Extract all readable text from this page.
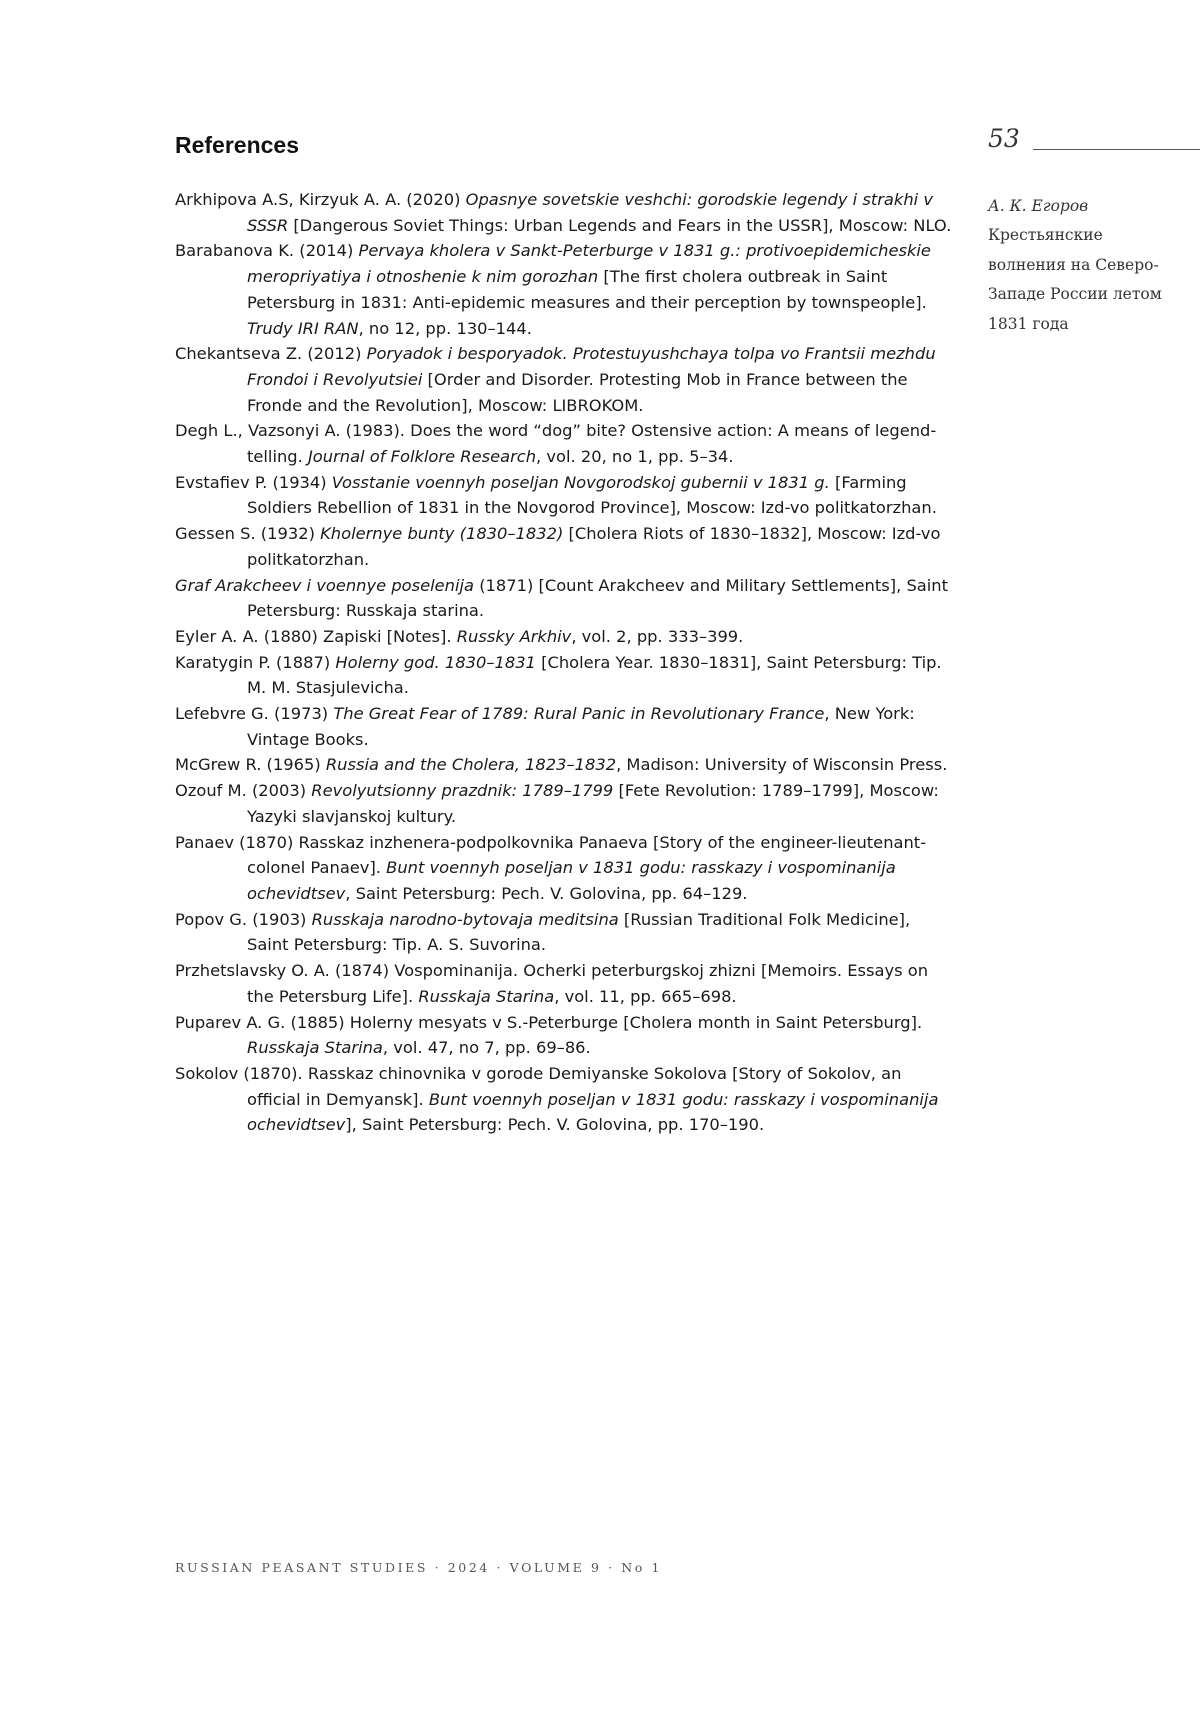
References	53
А. К. Егоров
Крестьянские волнения на Северо-Западе России летом 1831 года

Arkhipova A.S, Kirzyuk A. A. (2020) Opasnye sovetskie veshchi: gorodskie legendy i strakhi v SSSR [Dangerous Soviet Things: Urban Legends and Fears in the USSR], Moscow: NLO.

Barabanova K. (2014) Pervaya kholera v Sankt-Peterburge v 1831 g.: protivoepidemicheskie meropriyatiya i otnoshenie k nim gorozhan [The first cholera outbreak in Saint Petersburg in 1831: Anti-epidemic measures and their perception by townspeople]. Trudy IRI RAN, no 12, pp. 130–144.

Chekantseva Z. (2012) Poryadok i besporyadok. Protestuyushchaya tolpa vo Frantsii mezhdu Frondoi i Revolyutsiei [Order and Disorder. Protesting Mob in France between the Fronde and the Revolution], Moscow: LIBROKOM.

Degh L., Vazsonyi A. (1983). Does the word “dog” bite? Ostensive action: A means of legend-telling. Journal of Folklore Research, vol. 20, no 1, pp. 5–34.

Evstafiev P. (1934) Vosstanie voennyh poseljan Novgorodskoj gubernii v 1831 g. [Farming Soldiers Rebellion of 1831 in the Novgorod Province], Moscow: Izd-vo politkatorzhan.

Gessen S. (1932) Kholernye bunty (1830–1832) [Cholera Riots of 1830–1832], Moscow: Izd-vo politkatorzhan.

Graf Arakcheev i voennye poselenija (1871) [Count Arakcheev and Military Settlements], Saint Petersburg: Russkaja starina.

Eyler A. A. (1880) Zapiski [Notes]. Russky Arkhiv, vol. 2, pp. 333–399.

Karatygin P. (1887) Holerny god. 1830–1831 [Cholera Year. 1830–1831], Saint Petersburg: Tip. M. M. Stasjulevicha.

Lefebvre G. (1973) The Great Fear of 1789: Rural Panic in Revolutionary France, New York: Vintage Books.

McGrew R. (1965) Russia and the Cholera, 1823–1832, Madison: University of Wisconsin Press.

Ozouf M. (2003) Revolyutsionny prazdnik: 1789–1799 [Fete Revolution: 1789–1799], Moscow: Yazyki slavjanskoj kultury.

Panaev (1870) Rasskaz inzhenera-podpolkovnika Panaeva [Story of the engineer-lieutenant-colonel Panaev]. Bunt voennyh poseljan v 1831 godu: rasskazy i vospominanija ochevidtsev, Saint Petersburg: Pech. V. Golovina, pp. 64–129.

Popov G. (1903) Russkaja narodno-bytovaja meditsina [Russian Traditional Folk Medicine], Saint Petersburg: Tip. A. S. Suvorina.

Przhetslavsky O. A. (1874) Vospominanija. Ocherki peterburgskoj zhizni [Memoirs. Essays on the Petersburg Life]. Russkaja Starina, vol. 11, pp. 665–698.

Puparev A. G. (1885) Holerny mesyats v S.-Peterburge [Cholera month in Saint Petersburg]. Russkaja Starina, vol. 47, no 7, pp. 69–86.

Sokolov (1870). Rasskaz chinovnika v gorode Demiyanske Sokolova [Story of Sokolov, an official in Demyansk]. Bunt voennyh poseljan v 1831 godu: rasskazy i vospominanija ochevidtsev], Saint Petersburg: Pech. V. Golovina, pp. 170–190.

RUSSIAN PEASANT STUDIES · 2024 · VOLUME 9 · No 1
